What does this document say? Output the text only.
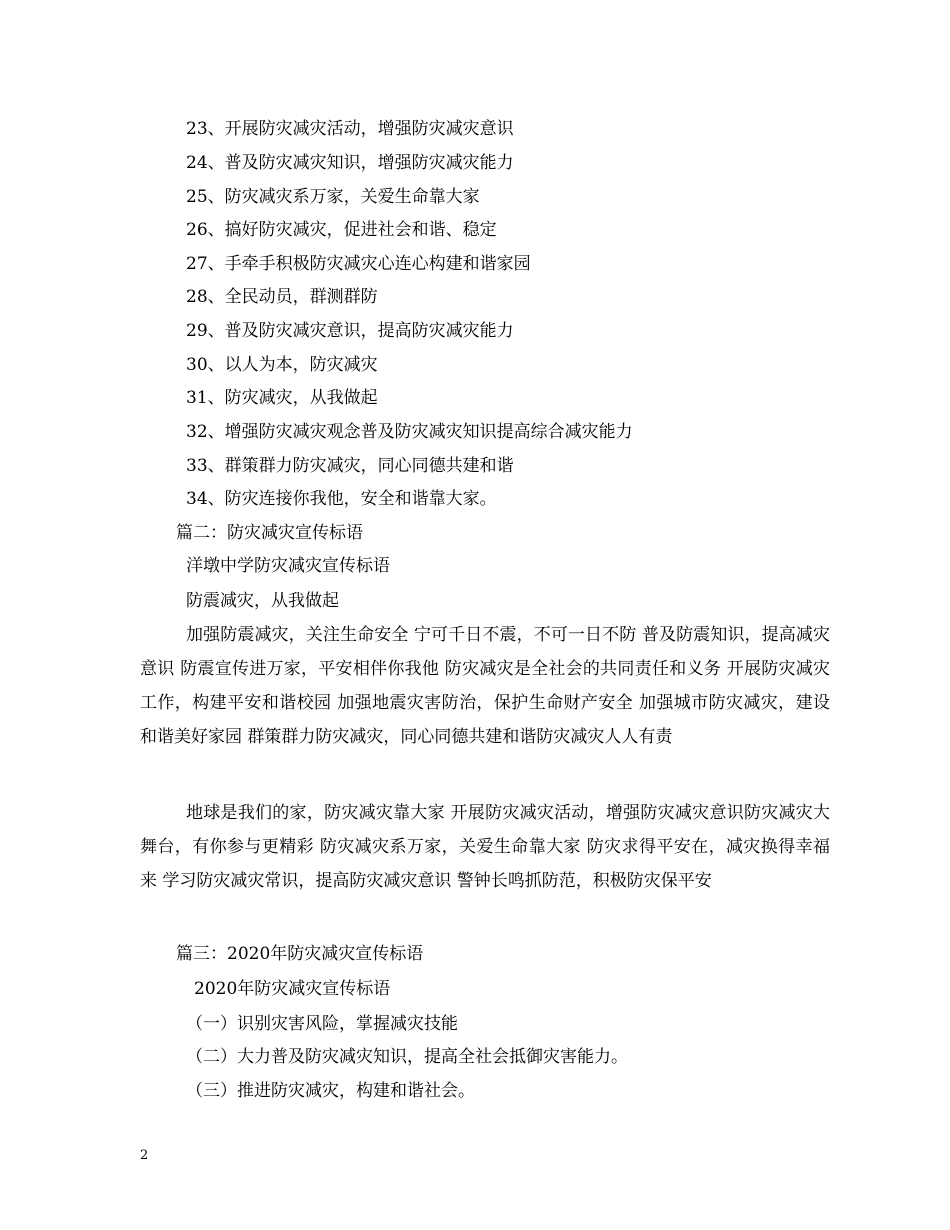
23、开展防灾减灾活动，增强防灾减灾意识
24、普及防灾减灾知识，增强防灾减灾能力
25、防灾减灾系万家，关爱生命靠大家
26、搞好防灾减灾，促进社会和谐、稳定
27、手牵手积极防灾减灾心连心构建和谐家园
28、全民动员，群测群防
29、普及防灾减灾意识，提高防灾减灾能力
30、以人为本，防灾减灾
31、防灾减灾，从我做起
32、增强防灾减灾观念普及防灾减灾知识提高综合减灾能力
33、群策群力防灾减灾，同心同德共建和谐
34、防灾连接你我他，安全和谐靠大家。
篇二：防灾减灾宣传标语
洋墩中学防灾减灾宣传标语
防震减灾，从我做起
加强防震减灾，关注生命安全 宁可千日不震，不可一日不防 普及防震知识，提高减灾意识 防震宣传进万家，平安相伴你我他 防灾减灾是全社会的共同责任和义务 开展防灾减灾工作，构建平安和谐校园 加强地震灾害防治，保护生命财产安全 加强城市防灾减灾，建设和谐美好家园 群策群力防灾减灾，同心同德共建和谐防灾减灾人人有责
地球是我们的家，防灾减灾靠大家 开展防灾减灾活动，增强防灾减灾意识防灾减灾大舞台，有你参与更精彩 防灾减灾系万家，关爱生命靠大家 防灾求得平安在，减灾换得幸福来 学习防灾减灾常识，提高防灾减灾意识 警钟长鸣抓防范，积极防灾保平安
篇三：2020年防灾减灾宣传标语
2020年防灾减灾宣传标语
（一）识别灾害风险，掌握减灾技能
（二）大力普及防灾减灾知识，提高全社会抵御灾害能力。
（三）推进防灾减灾，构建和谐社会。
2
